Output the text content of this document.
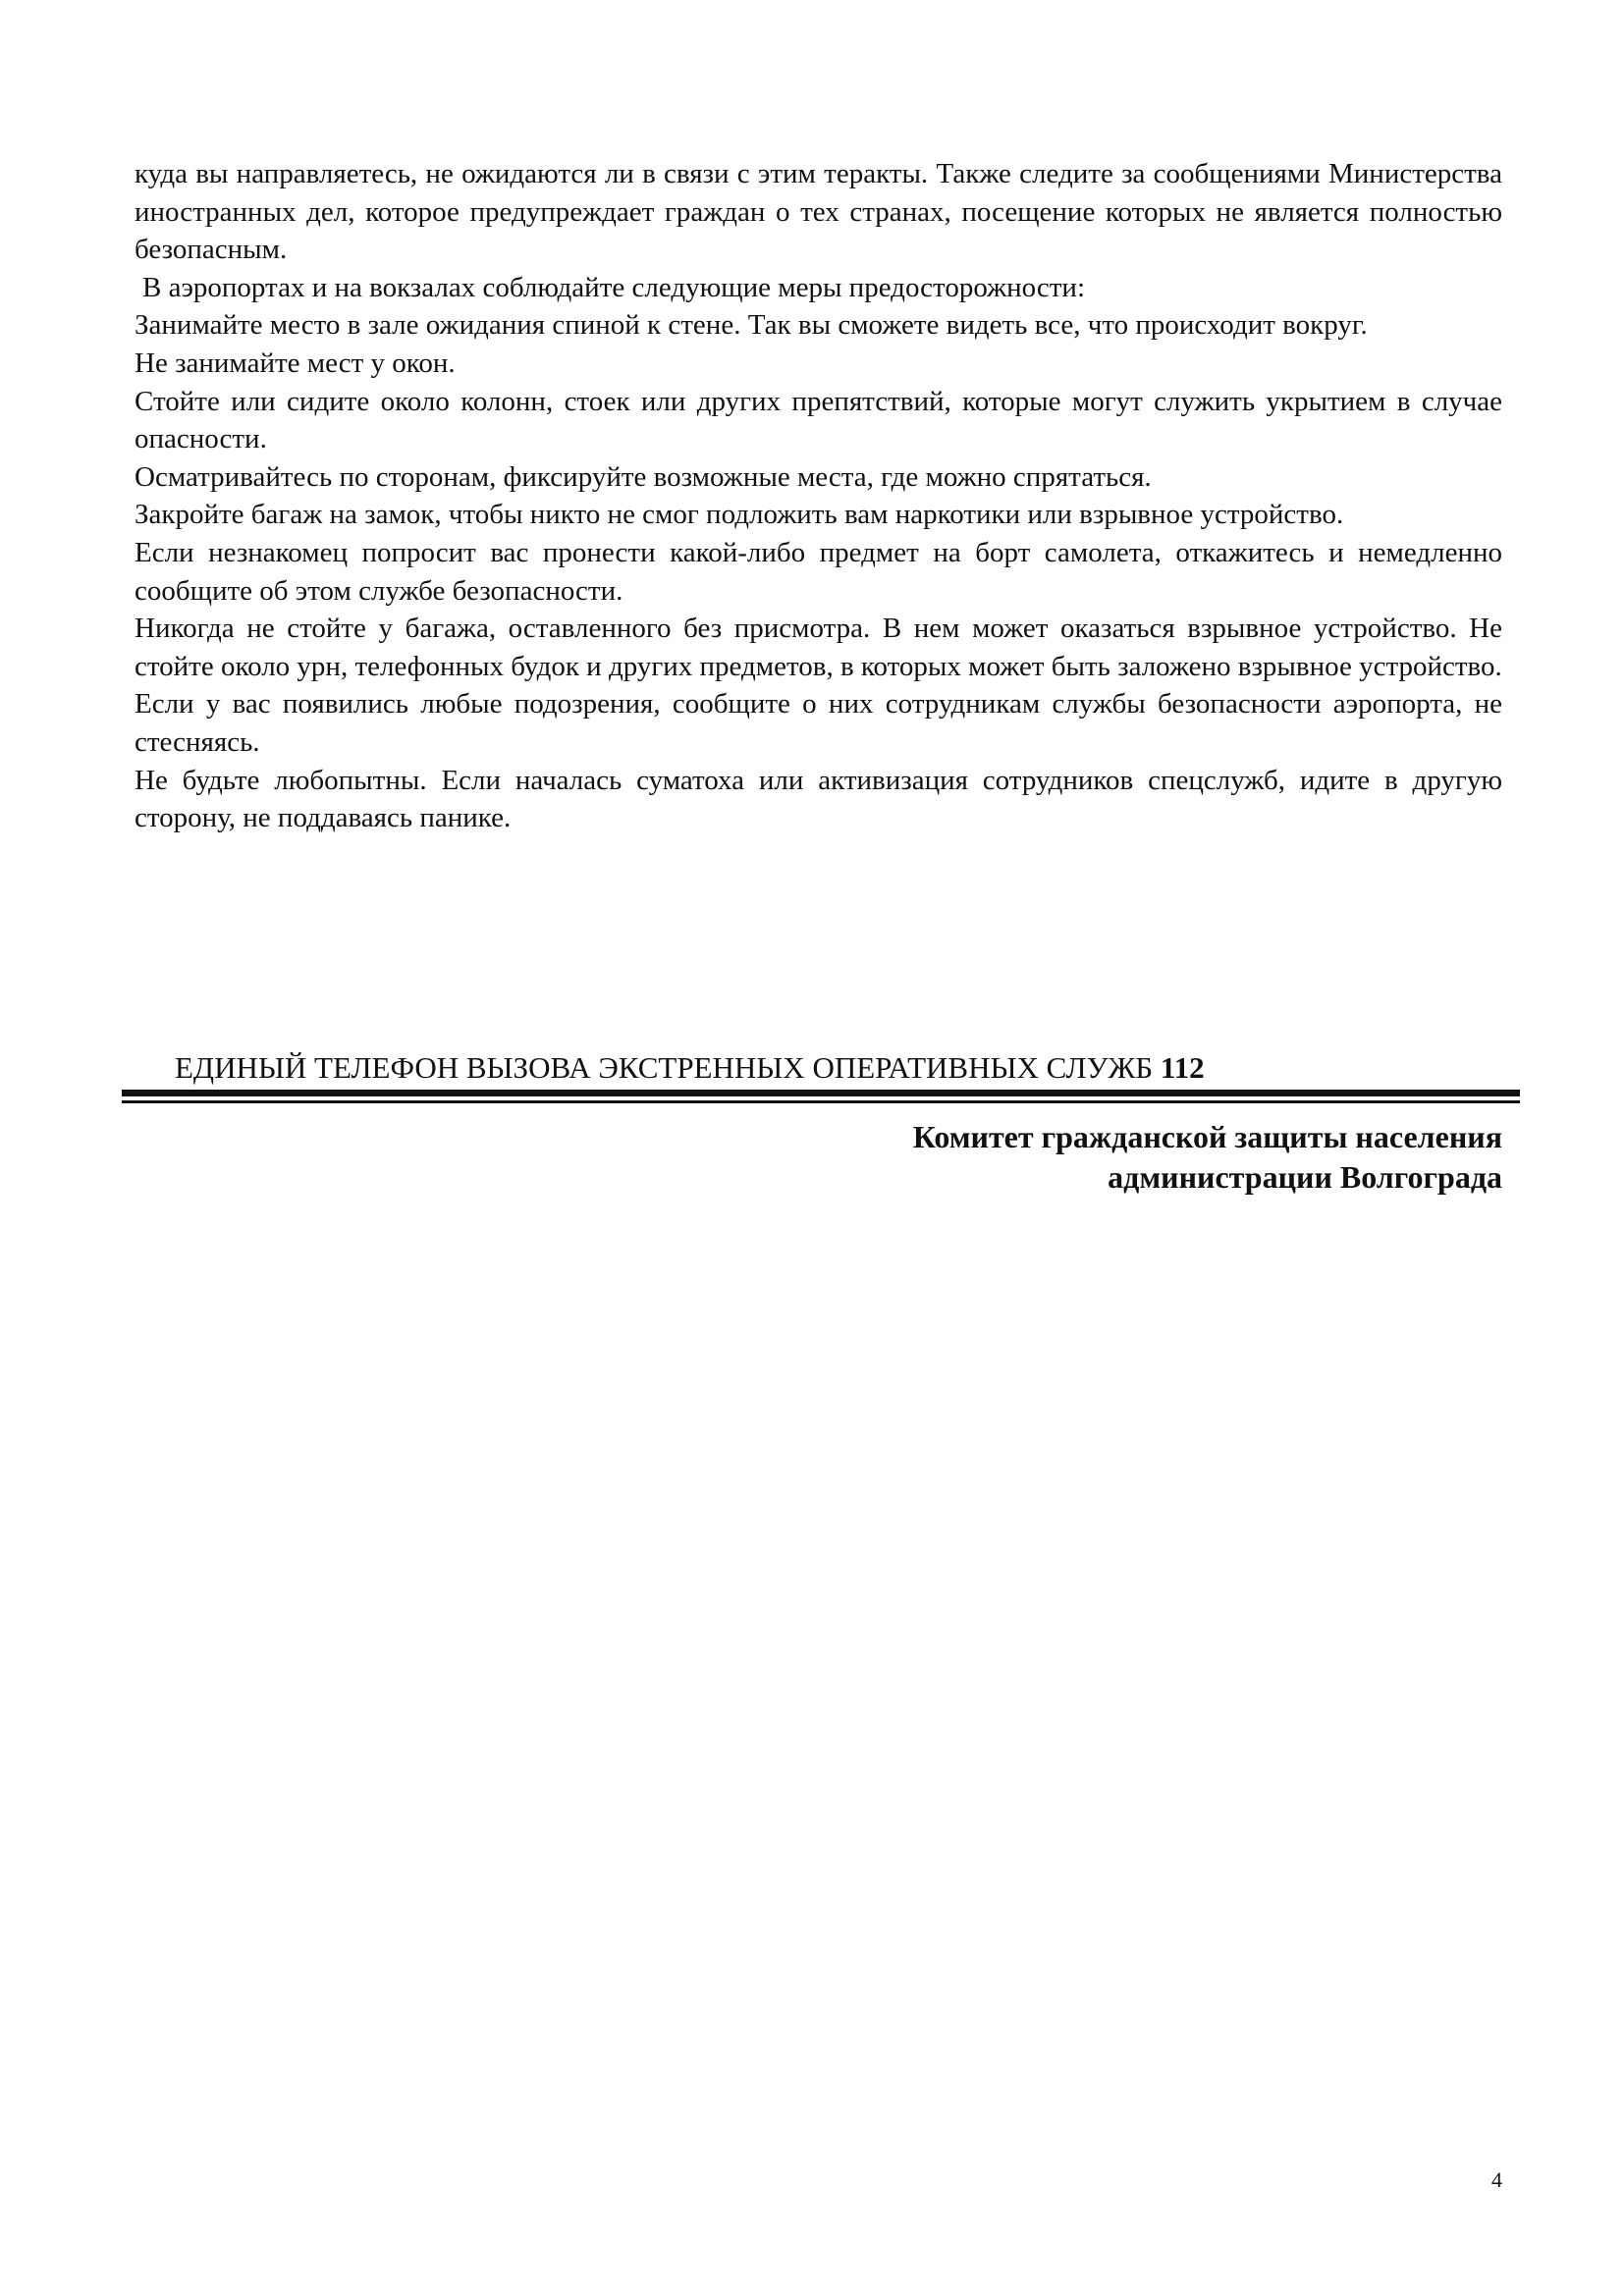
куда вы направляетесь, не ожидаются ли в связи с этим теракты. Также следите за сообщениями Министерства иностранных дел, которое предупреждает граждан о тех странах, посещение которых не является полностью безопасным.

В аэропортах и на вокзалах соблюдайте следующие меры предосторожности:

Занимайте место в зале ожидания спиной к стене. Так вы сможете видеть все, что происходит вокруг.

Не занимайте мест у окон.

Стойте или сидите около колонн, стоек или других препятствий, которые могут служить укрытием в случае опасности.

Осматривайтесь по сторонам, фиксируйте возможные места, где можно спрятаться.

Закройте багаж на замок, чтобы никто не смог подложить вам наркотики или взрывное устройство.

Если незнакомец попросит вас пронести какой-либо предмет на борт самолета, откажитесь и немедленно сообщите об этом службе безопасности.

Никогда не стойте у багажа, оставленного без присмотра. В нем может оказаться взрывное устройство. Не стойте около урн, телефонных будок и других предметов, в которых может быть заложено взрывное устройство.

Если у вас появились любые подозрения, сообщите о них сотрудникам службы безопасности аэропорта, не стесняясь.

Не будьте любопытны. Если началась суматоха или активизация сотрудников спецслужб, идите в другую сторону, не поддаваясь панике.

ЕДИНЫЙ ТЕЛЕФОН ВЫЗОВА ЭКСТРЕННЫХ ОПЕРАТИВНЫХ СЛУЖБ 112
Комитет гражданской защиты населения
администрации Волгограда
4
